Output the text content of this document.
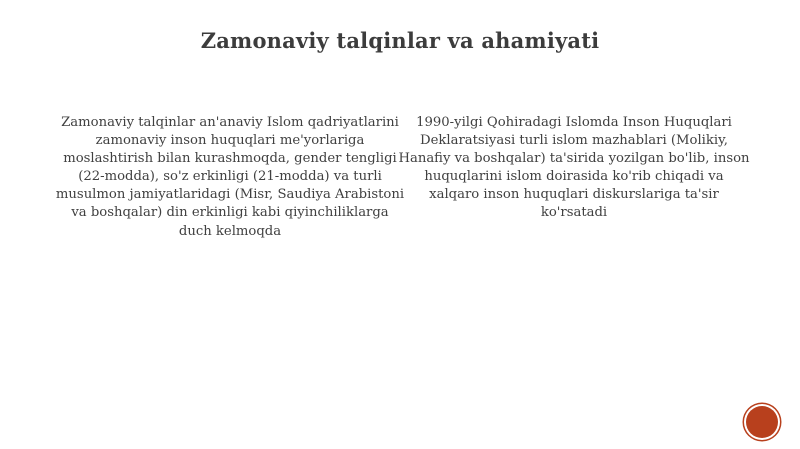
Zamonaviy talqinlar va ahamiyati
Zamonaviy talqinlar an'anaviy Islom qadriyatlarini zamonaviy inson huquqlari me'yorlariga moslashtirish bilan kurashmoqda, gender tengligi (22-modda), so'z erkinligi (21-modda) va turli musulmon jamiyatlaridagi (Misr, Saudiya Arabistoni va boshqalar) din erkinligi kabi qiyinchiliklarga duch kelmoqda
1990-yilgi Qohiradagi Islomda Inson Huquqlari Deklaratsiyasi turli islom mazhablari (Molikiy, Hanafiy va boshqalar) ta'sirida yozilgan bo'lib, inson huquqlarini islom doirasida ko'rib chiqadi va xalqaro inson huquqlari diskurslariga ta'sir ko'rsatadi
